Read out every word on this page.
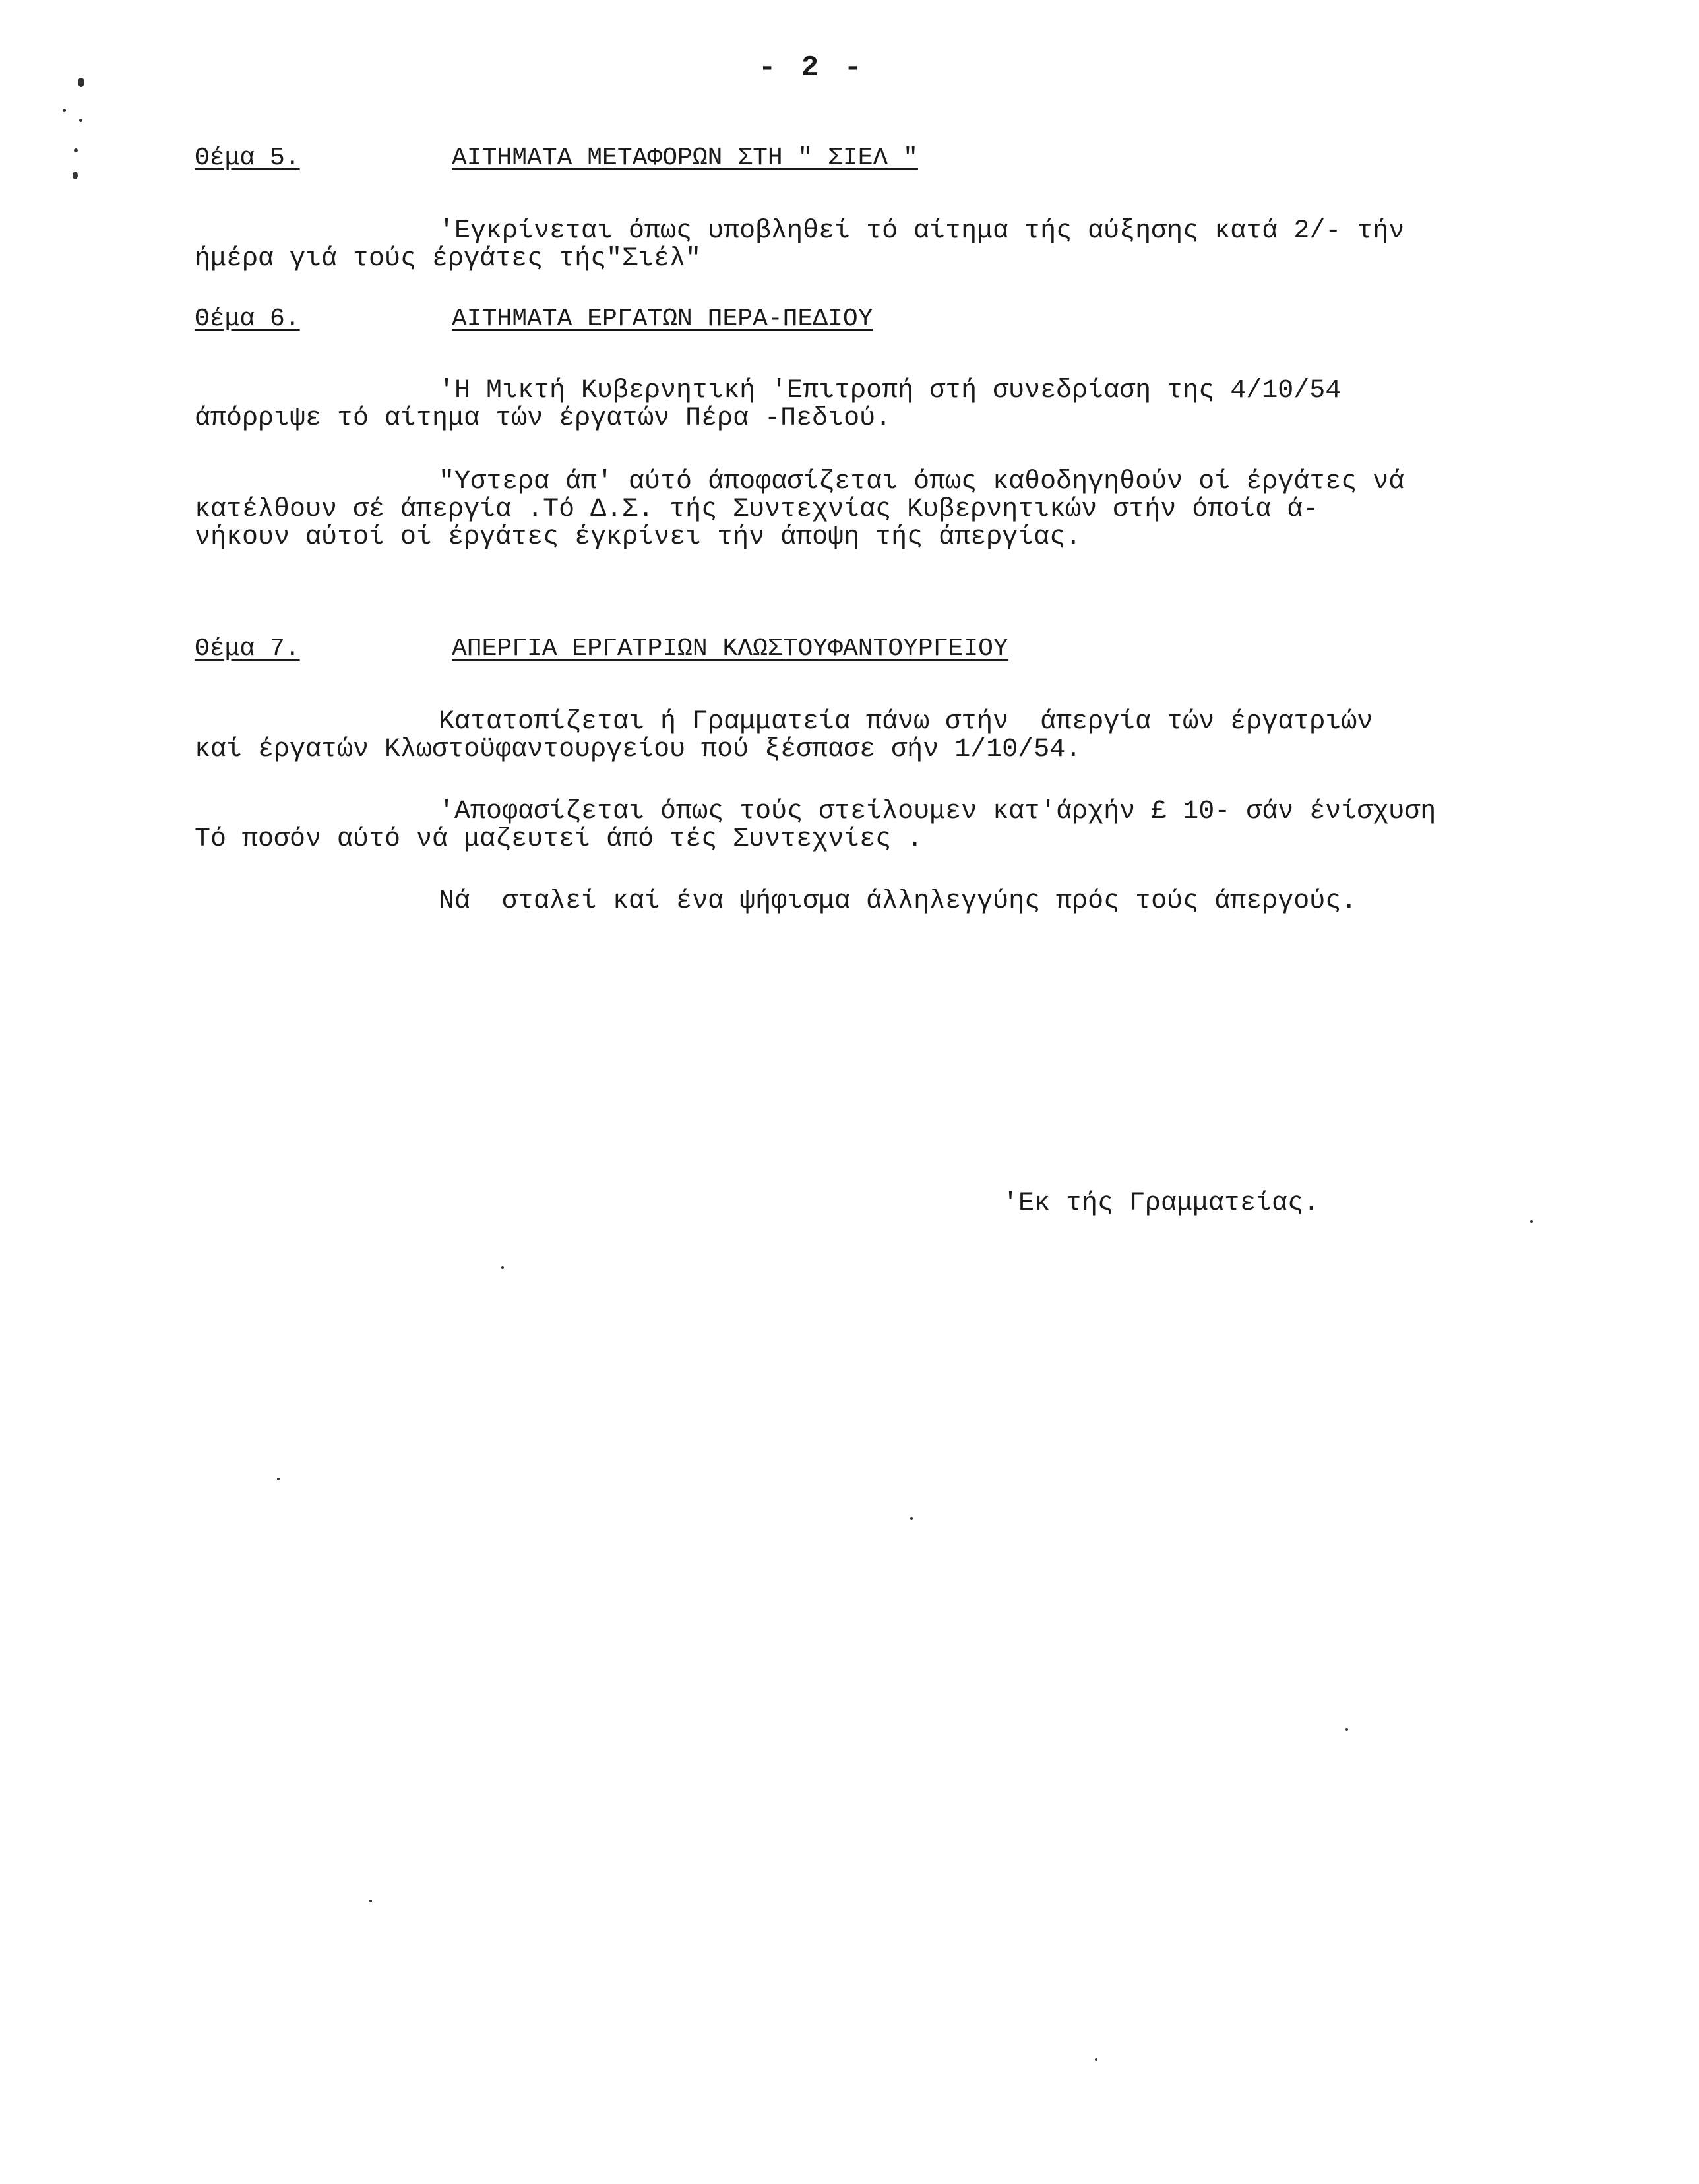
- 2 -
Θέμα 5.	ΑΙΤΗΜΑΤΑ ΜΕΤΑΦΟΡΩΝ ΣΤΗ " ΣΙΕΛ "

'Εγκρίνεται όπως υποβληθεί τό αίτημα τής αύξησης κατά 2/- τήν

ήμέρα γιά τούς έργάτες τής"Σιέλ"

Θέμα 6.	ΑΙΤΗΜΑΤΑ ΕΡΓΑΤΩΝ ΠΕΡΑ-ΠΕΔΙΟΥ

'Η Μικτή Κυβερνητική 'Επιτροπή στή συνεδρίαση της 4/10/54

άπόρριψε τό αίτημα τών έργατών Πέρα -Πεδιού.

"Υστερα άπ' αύτό άποφασίζεται όπως καθοδηγηθούν οί έργάτες νά

κατέλθουν σέ άπεργία .Τό Δ.Σ. τής Συντεχνίας Κυβερνητικών στήν όποία ά-

νήκουν αύτοί οί έργάτες έγκρίνει τήν άποψη τής άπεργίας.

Θέμα 7.	ΑΠΕΡΓΙΑ ΕΡΓΑΤΡΙΩΝ ΚΛΩΣΤΟΥΦΑΝΤΟΥΡΓΕΙΟΥ

Κατατοπίζεται ή Γραμματεία πάνω στήν  άπεργία τών έργατριών

καί έργατών Κλωστοϋφαντουργείου πού ξέσπασε σήν 1/10/54.

'Αποφασίζεται όπως τούς στείλουμεν κατ'άρχήν £ 10- σάν ένίσχυση

Τό ποσόν αύτό νά μαζευτεί άπό τές Συντεχνίες .

Νά  σταλεί καί ένα ψήφισμα άλληλεγγύης πρός τούς άπεργούς.

'Εκ τής Γραμματείας.
